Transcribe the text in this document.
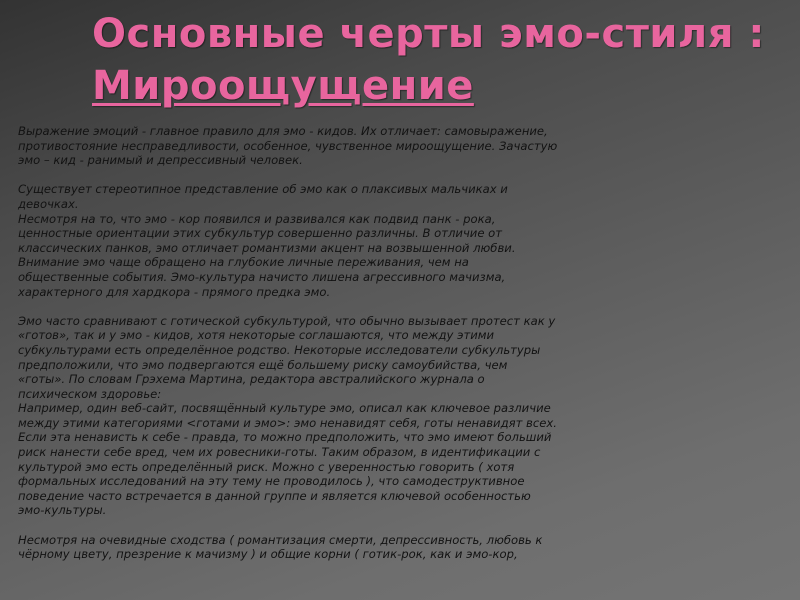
Основные черты эмо-стиля :
Мироощущение
Выражение эмоций - главное правило для эмо - кидов. Их отличает: самовыражение,
противостояние несправедливости, особенное, чувственное мироощущение. Зачастую
эмо – кид - ранимый и депрессивный человек.
Существует стереотипное представление об эмо как о плаксивых мальчиках и
девочках.
Несмотря на то, что эмо - кор появился и развивался как подвид панк - рока,
ценностные ориентации этих субкультур совершенно различны. В отличие от
классических панков, эмо отличает романтизми акцент на возвышенной любви.
Внимание эмо чаще обращено на глубокие личные переживания, чем на
общественные события. Эмо-культура начисто лишена агрессивного мачизма,
характерного для хардкора - прямого предка эмо.
Эмо часто сравнивают с готической субкультурой, что обычно вызывает протест как у
«готов», так и у эмо - кидов, хотя некоторые соглашаются, что между этими
субкультурами есть определённое родство. Некоторые исследователи субкультуры
предположили, что эмо подвергаются ещё большему риску самоубийства, чем
«готы». По словам Грэхема Мартина, редактора австралийского журнала о
психическом здоровье:
Например, один веб-сайт, посвящённый культуре эмо, описал как ключевое различие
между этими категориями <готами и эмо>: эмо ненавидят себя, готы ненавидят всех.
Если эта ненависть к себе - правда, то можно предположить, что эмо имеют больший
риск нанести себе вред, чем их ровесники-готы. Таким образом, в идентификации с
культурой эмо есть определённый риск. Можно с уверенностью говорить ( хотя
формальных исследований на эту тему не проводилось ), что самодеструктивное
поведение часто встречается в данной группе и является ключевой особенностью
эмо-культуры.
Несмотря на очевидные сходства ( романтизация смерти, депрессивность, любовь к
чёрному цвету, презрение к мачизму ) и общие корни ( готик-рок, как и эмо-кор,
